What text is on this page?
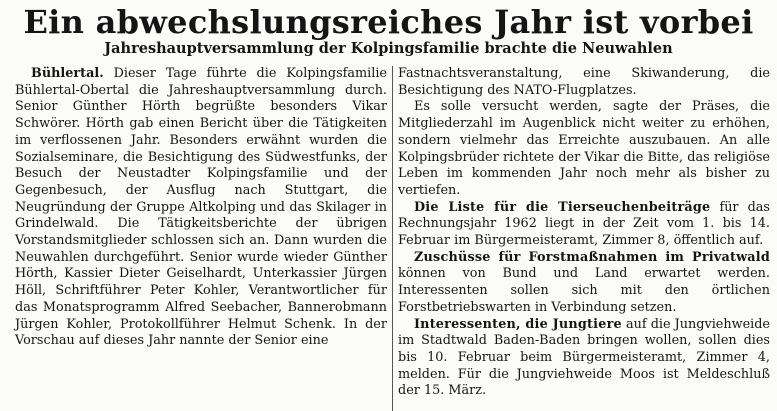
Ein abwechslungsreiches Jahr ist vorbei
Jahreshauptversammlung der Kolpingsfamilie brachte die Neuwahlen

Bühlertal. Dieser Tage führte die Kolpingsfamilie Bühlertal-Obertal die Jahreshauptversammlung durch. Senior Günther Hörth begrüßte besonders Vikar Schwörer. Hörth gab einen Bericht über die Tätigkeiten im verflossenen Jahr. Besonders erwähnt wurden die Sozialseminare, die Besichtigung des Südwestfunks, der Besuch der Neustadter Kolpingsfamilie und der Gegenbesuch, der Ausflug nach Stuttgart, die Neugründung der Gruppe Altkolping und das Skilager in Grindelwald. Die Tätigkeitsberichte der übrigen Vorstandsmitglieder schlossen sich an. Dann wurden die Neuwahlen durchgeführt. Senior wurde wieder Günther Hörth, Kassier Dieter Geiselhardt, Unterkassier Jürgen Höll, Schriftführer Peter Kohler, Verantwortlicher für das Monatsprogramm Alfred Seebacher, Bannerobmann Jürgen Kohler, Protokollführer Helmut Schenk. In der Vorschau auf dieses Jahr nannte der Senior eine

Fastnachtsveranstaltung, eine Skiwanderung, die Besichtigung des NATO-Flugplatzes.

Es solle versucht werden, sagte der Präses, die Mitgliederzahl im Augenblick nicht weiter zu erhöhen, sondern vielmehr das Erreichte auszubauen. An alle Kolpingsbrüder richtete der Vikar die Bitte, das religiöse Leben im kommenden Jahr noch mehr als bisher zu vertiefen.

Die Liste für die Tierseuchenbeiträge für das Rechnungsjahr 1962 liegt in der Zeit vom 1. bis 14. Februar im Bürgermeisteramt, Zimmer 8, öffentlich auf.

Zuschüsse für Forstmaßnahmen im Privatwald können von Bund und Land erwartet werden. Interessenten sollen sich mit den örtlichen Forstbetriebswarten in Verbindung setzen.

Interessenten, die Jungtiere auf die Jungviehweide im Stadtwald Baden-Baden bringen wollen, sollen dies bis 10. Februar beim Bürgermeisteramt, Zimmer 4, melden. Für die Jungviehweide Moos ist Meldeschluß der 15. März.
